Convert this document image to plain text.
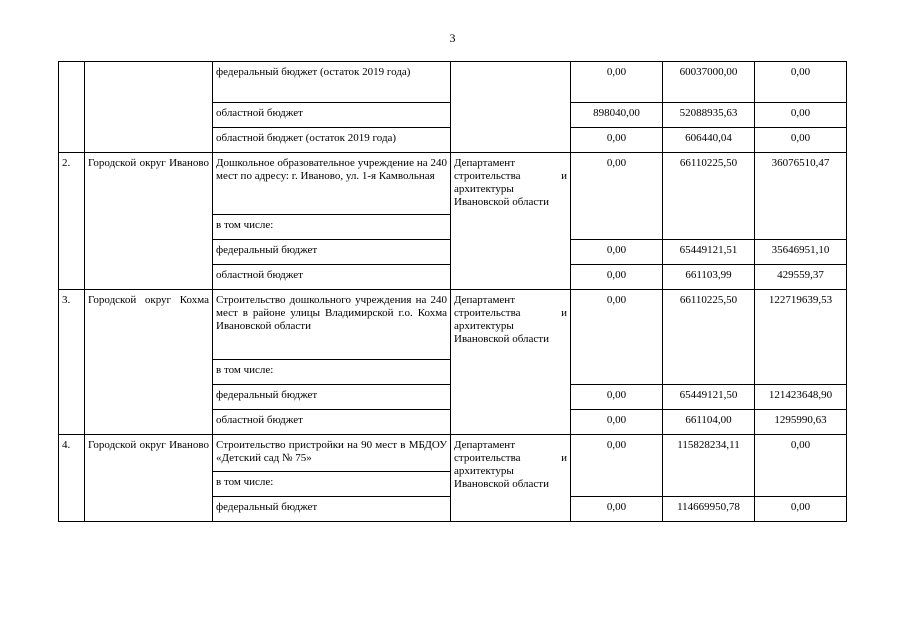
3
		федеральный бюджет (остаток 2019 года)		0,00	60037000,00	0,00
		областной бюджет		898040,00	52088935,63	0,00
		областной бюджет (остаток 2019 года)		0,00	606440,04	0,00
2.	Городской округ Иваново	Дошкольное образовательное учреждение на 240 мест по адресу: г. Иваново, ул. 1-я Камвольная	Департамент строительства и архитектуры Ивановской области	0,00	66110225,50	36076510,47
		в том числе:				
		федеральный бюджет		0,00	65449121,51	35646951,10
		областной бюджет		0,00	661103,99	429559,37
3.	Городской округ Кохма	Строительство дошкольного учреждения на 240 мест в районе улицы Владимирской г.о. Кохма Ивановской области	Департамент строительства и архитектуры Ивановской области	0,00	66110225,50	122719639,53
		в том числе:				
		федеральный бюджет		0,00	65449121,50	121423648,90
		областной бюджет		0,00	661104,00	1295990,63
4.	Городской округ Иваново	Строительство пристройки на 90 мест в МБДОУ «Детский сад № 75»	Департамент строительства и архитектуры Ивановской области	0,00	115828234,11	0,00
		в том числе:				
		федеральный бюджет		0,00	114669950,78	0,00
